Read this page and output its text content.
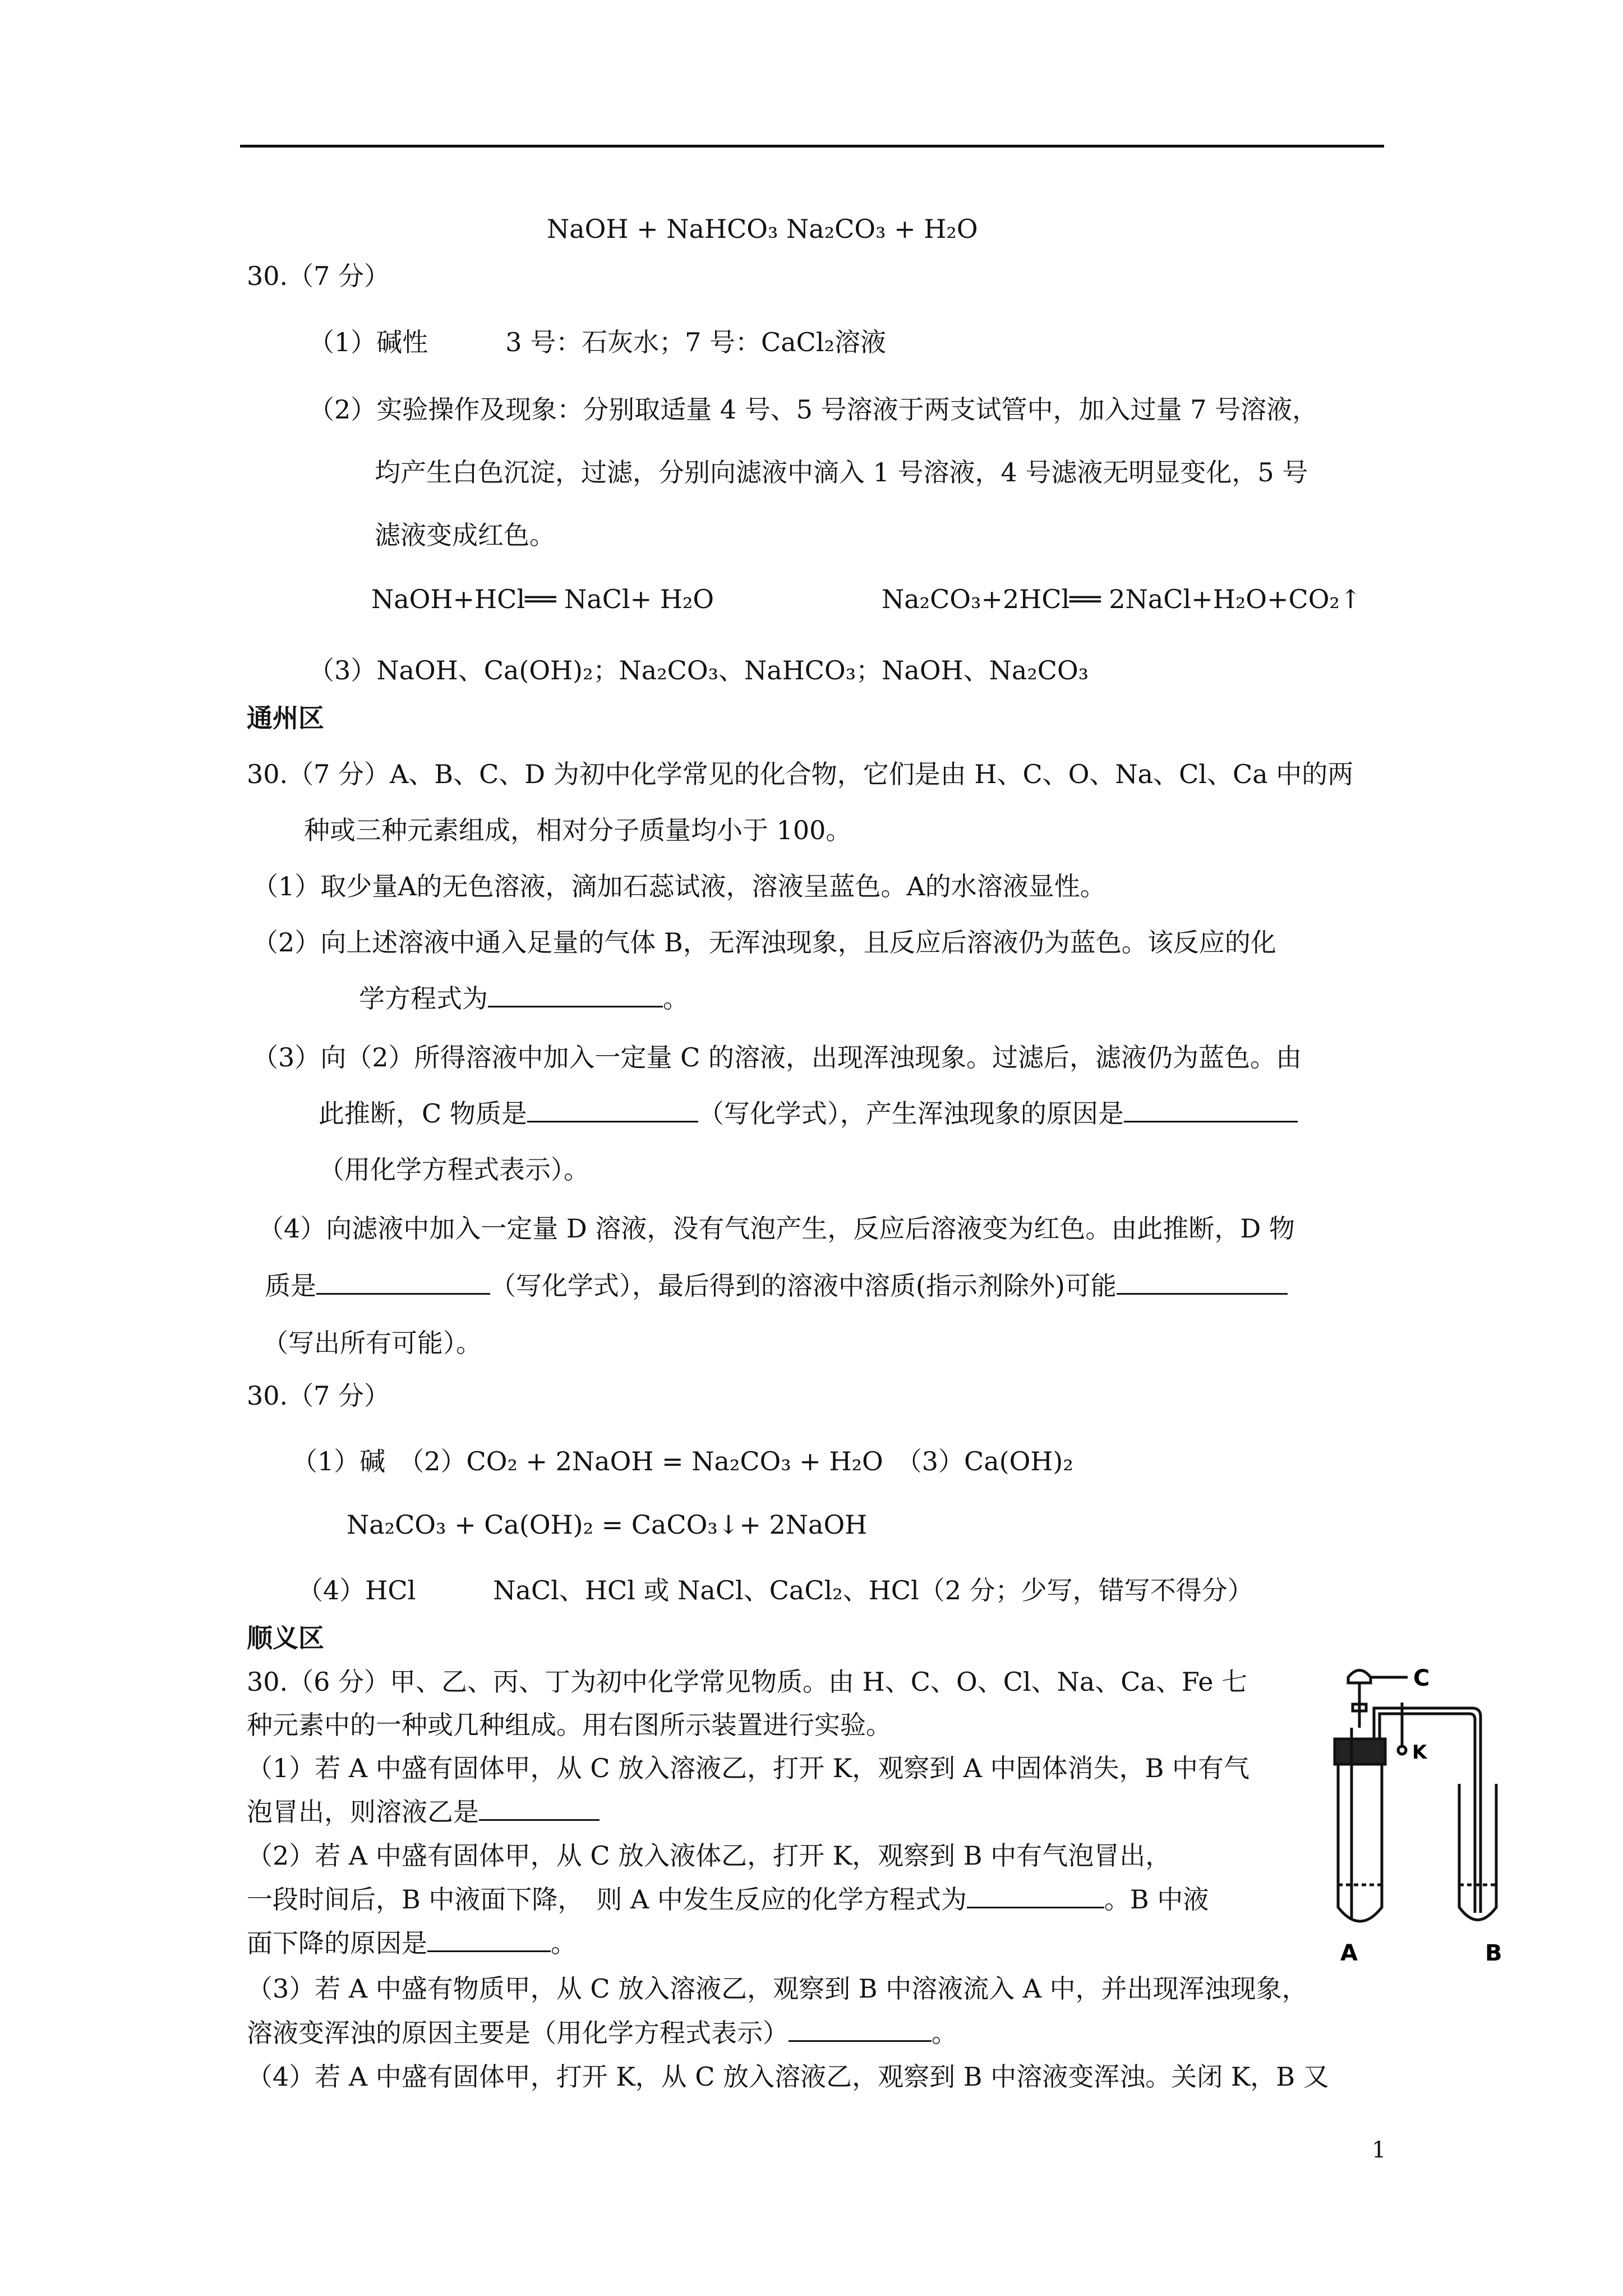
NaOH + NaHCO₃ Na₂CO₃ + H₂O
30.（7 分）
（1）碱性　　　3 号：石灰水；7 号：CaCl₂溶液
（2）实验操作及现象：分别取适量 4 号、5 号溶液于两支试管中，加入过量 7 号溶液，
均产生白色沉淀，过滤，分别向滤液中滴入 1 号溶液，4 号滤液无明显变化，5 号
滤液变成红色。
NaOH+HCl══ NaCl+ H₂O	Na₂CO₃+2HCl══ 2NaCl+H₂O+CO₂↑
（3）NaOH、Ca(OH)₂；Na₂CO₃、NaHCO₃；NaOH、Na₂CO₃
通州区
30.（7 分）A、B、C、D 为初中化学常见的化合物，它们是由 H、C、O、Na、Cl、Ca 中的两
种或三种元素组成，相对分子质量均小于 100。
（1）取少量A的无色溶液，滴加石蕊试液，溶液呈蓝色。A的水溶液显性。
（2）向上述溶液中通入足量的气体 B，无浑浊现象，且反应后溶液仍为蓝色。该反应的化
学方程式为	。
（3）向（2）所得溶液中加入一定量 C 的溶液，出现浑浊现象。过滤后，滤液仍为蓝色。由
此推断，C 物质是	（写化学式），产生浑浊现象的原因是
（用化学方程式表示）。
（4）向滤液中加入一定量 D 溶液，没有气泡产生，反应后溶液变为红色。由此推断，D 物
质是	（写化学式），最后得到的溶液中溶质(指示剂除外)可能
（写出所有可能）。
30.（7 分）
（1）碱　（2）CO₂ + 2NaOH = Na₂CO₃ + H₂O　（3）Ca(OH)₂
Na₂CO₃ + Ca(OH)₂ = CaCO₃↓+ 2NaOH
（4）HCl　　　NaCl、HCl 或 NaCl、CaCl₂、HCl（2 分；少写，错写不得分）
顺义区
30.（6 分）甲、乙、丙、丁为初中化学常见物质。由 H、C、O、Cl、Na、Ca、Fe 七
种元素中的一种或几种组成。用右图所示装置进行实验。
（1）若 A 中盛有固体甲，从 C 放入溶液乙，打开 K，观察到 A 中固体消失，B 中有气
泡冒出，则溶液乙是
（2）若 A 中盛有固体甲，从 C 放入液体乙，打开 K，观察到 B 中有气泡冒出，
一段时间后，B 中液面下降，　则 A 中发生反应的化学方程式为	。B 中液
面下降的原因是	。
（3）若 A 中盛有物质甲，从 C 放入溶液乙，观察到 B 中溶液流入 A 中，并出现浑浊现象，
溶液变浑浊的原因主要是（用化学方程式表示）	。
（4）若 A 中盛有固体甲，打开 K，从 C 放入溶液乙，观察到 B 中溶液变浑浊。关闭 K，B 又
C
K
A	B
1
